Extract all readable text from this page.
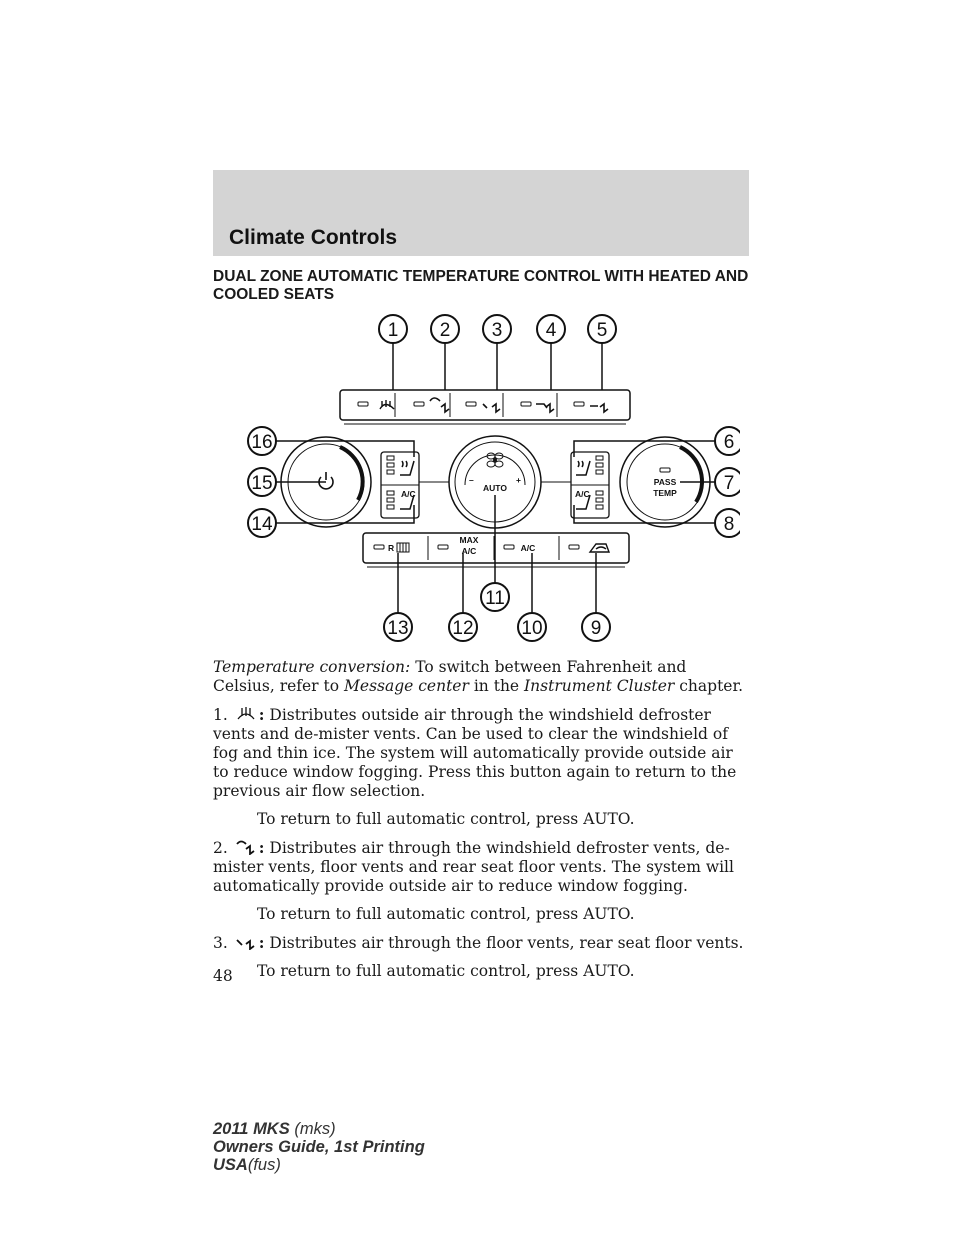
Climate Controls
DUAL ZONE AUTOMATIC TEMPERATURE CONTROL WITH HEATED AND COOLED SEATS
1 2 3 4 5
PASS
TEMP
A/C	A/C
–	+
AUTO
16
15
14
6
7
8
R
MAX
A/C	A/C
11
13 12	10	9

Temperature conversion: To switch between Fahrenheit and Celsius, refer to Message center in the Instrument Cluster chapter.

1. : Distributes outside air through the windshield defroster vents and de-mister vents. Can be used to clear the windshield of fog and thin ice. The system will automatically provide outside air to reduce window fogging. Press this button again to return to the previous air flow selection.

To return to full automatic control, press AUTO.

2. : Distributes air through the windshield defroster vents, de-mister vents, floor vents and rear seat floor vents. The system will automatically provide outside air to reduce window fogging.

To return to full automatic control, press AUTO.

3. : Distributes air through the floor vents, rear seat floor vents.

To return to full automatic control, press AUTO.

48
2011 MKS (mks)
Owners Guide, 1st Printing
USA(fus)
